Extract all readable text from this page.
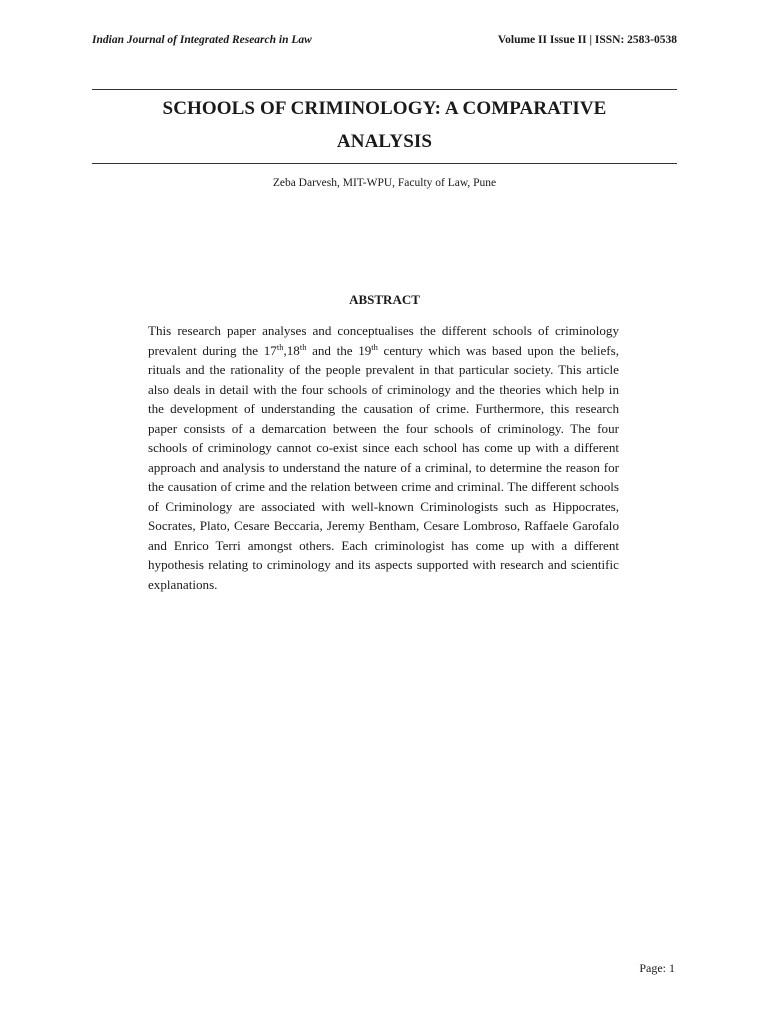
Indian Journal of Integrated Research in Law	Volume II Issue II | ISSN: 2583-0538
SCHOOLS OF CRIMINOLOGY: A COMPARATIVE
ANALYSIS
Zeba Darvesh, MIT-WPU, Faculty of Law, Pune
ABSTRACT

This research paper analyses and conceptualises the different schools of criminology prevalent during the 17th,18th and the 19th century which was based upon the beliefs, rituals and the rationality of the people prevalent in that particular society. This article also deals in detail with the four schools of criminology and the theories which help in the development of understanding the causation of crime. Furthermore, this research paper consists of a demarcation between the four schools of criminology. The four schools of criminology cannot co-exist since each school has come up with a different approach and analysis to understand the nature of a criminal, to determine the reason for the causation of crime and the relation between crime and criminal. The different schools of Criminology are associated with well-known Criminologists such as Hippocrates, Socrates, Plato, Cesare Beccaria, Jeremy Bentham, Cesare Lombroso, Raffaele Garofalo and Enrico Terri amongst others. Each criminologist has come up with a different hypothesis relating to criminology and its aspects supported with research and scientific explanations.

Page: 1
